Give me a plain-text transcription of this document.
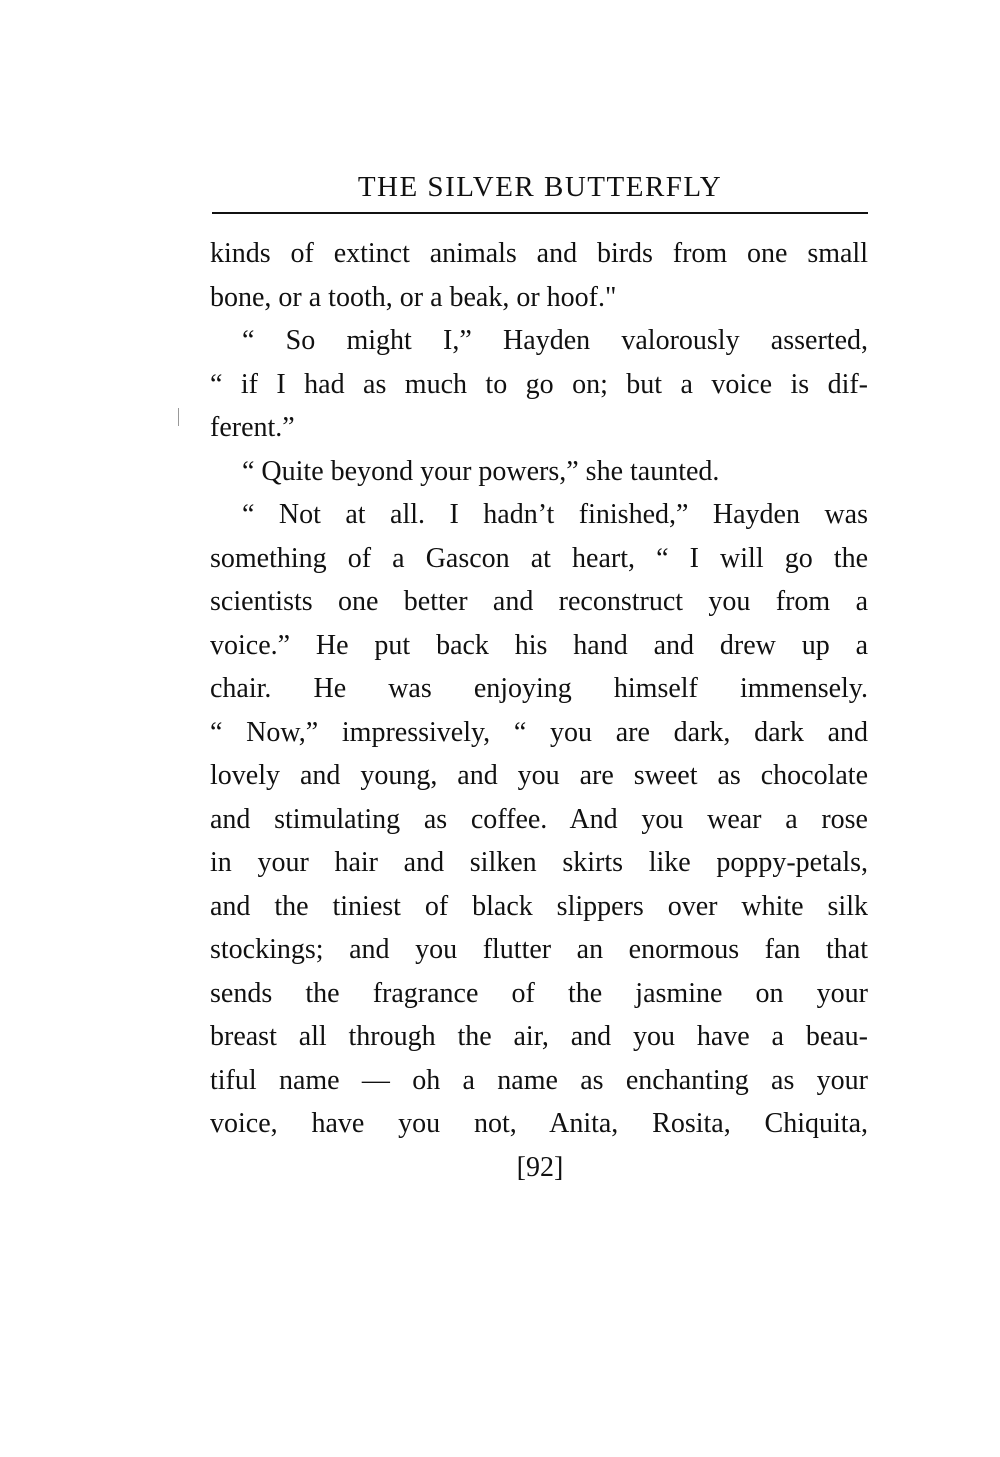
THE SILVER BUTTERFLY
kinds of extinct animals and birds from one small
bone, or a tooth, or a beak, or hoof."
“ So might I,” Hayden valorously asserted,
“ if I had as much to go on; but a voice is dif-
ferent.”
“ Quite beyond your powers,” she taunted.
“ Not at all. I hadn’t finished,” Hayden was
something of a Gascon at heart, “ I will go the
scientists one better and reconstruct you from a
voice.” He put back his hand and drew up a
chair. He was enjoying himself immensely.
“ Now,” impressively, “ you are dark, dark and
lovely and young, and you are sweet as chocolate
and stimulating as coffee. And you wear a rose
in your hair and silken skirts like poppy-petals,
and the tiniest of black slippers over white silk
stockings; and you flutter an enormous fan that
sends the fragrance of the jasmine on your
breast all through the air, and you have a beau-
tiful name — oh a name as enchanting as your
voice, have you not, Anita, Rosita, Chiquita,
[92]
